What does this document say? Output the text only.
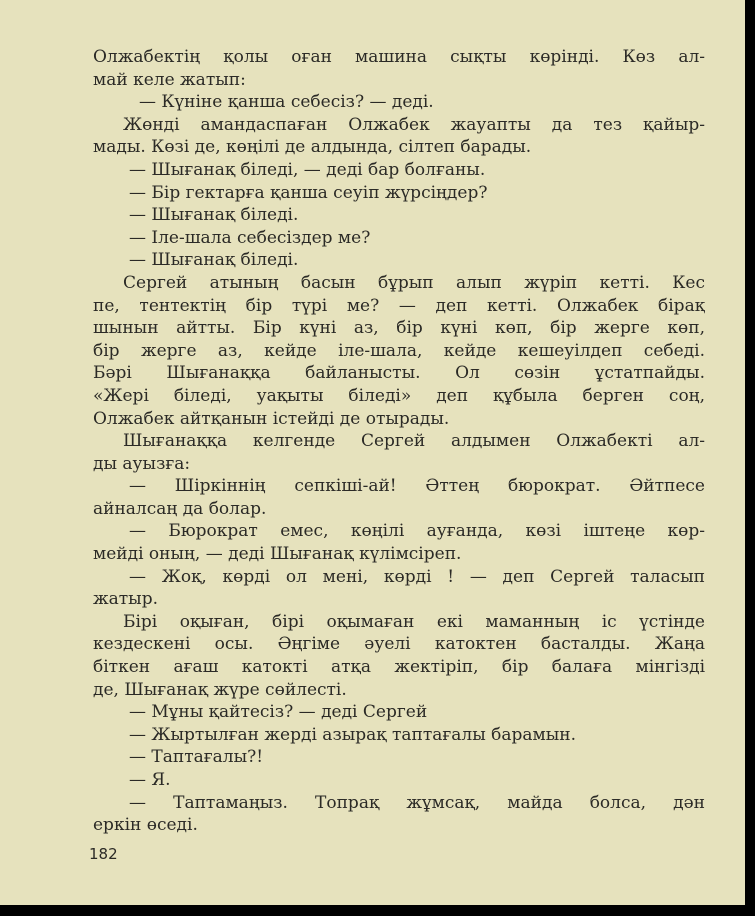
Олжабектің қолы оған машина сықты көрінді. Көз ал-
май келе жатып:
— Күніне қанша себесіз? — деді.
Жөнді амандаспаған Олжабек жауапты да тез қайыр-
мады. Көзі де, көңілі де алдында, сілтеп барады.
— Шығанақ біледі, — деді бар болғаны.
— Бір гектарға қанша сеуіп жүрсіңдер?
— Шығанақ біледі.
— Іле-шала себесіздер ме?
— Шығанақ біледі.
Сергей атының басын бұрып алып жүріп кетті. Кес
пе, тентектің бір түрі ме? — деп кетті. Олжабек бірақ
шынын айтты. Бір күні аз, бір күні көп, бір жерге көп,
бір жерге аз, кейде іле-шала, кейде кешеуілдеп себеді.
Бәрі Шығанаққа байланысты. Ол сөзін ұстатпайды.
«Жері біледі, уақыты біледі» деп құбыла берген соң,
Олжабек айтқанын істейді де отырады.
Шығанаққа келгенде Сергей алдымен Олжабекті ал-
ды ауызға:
— Шіркіннің сепкіші-ай! Әттең бюрократ. Әйтпесе
айналсаң да болар.
— Бюрократ емес, көңілі ауғанда, көзі іштеңе көр-
мейді оның, — деді Шығанақ күлімсіреп.
— Жоқ, көрді ол мені, көрді ! — деп Сергей таласып
жатыр.
Бірі оқыған, бірі оқымаған екі маманның іс үстінде
кездескені осы. Әңгіме әуелі катоктен басталды. Жаңа
біткен ағаш катокті атқа жектіріп, бір балаға мінгізді
де, Шығанақ жүре сөйлесті.
— Мұны қайтесіз? — деді Сергей
— Жыртылған жерді азырақ таптағалы барамын.
— Таптағалы?!
— Я.
— Таптамаңыз. Топрақ жұмсақ, майда болса, дән
еркін өседі.
182
